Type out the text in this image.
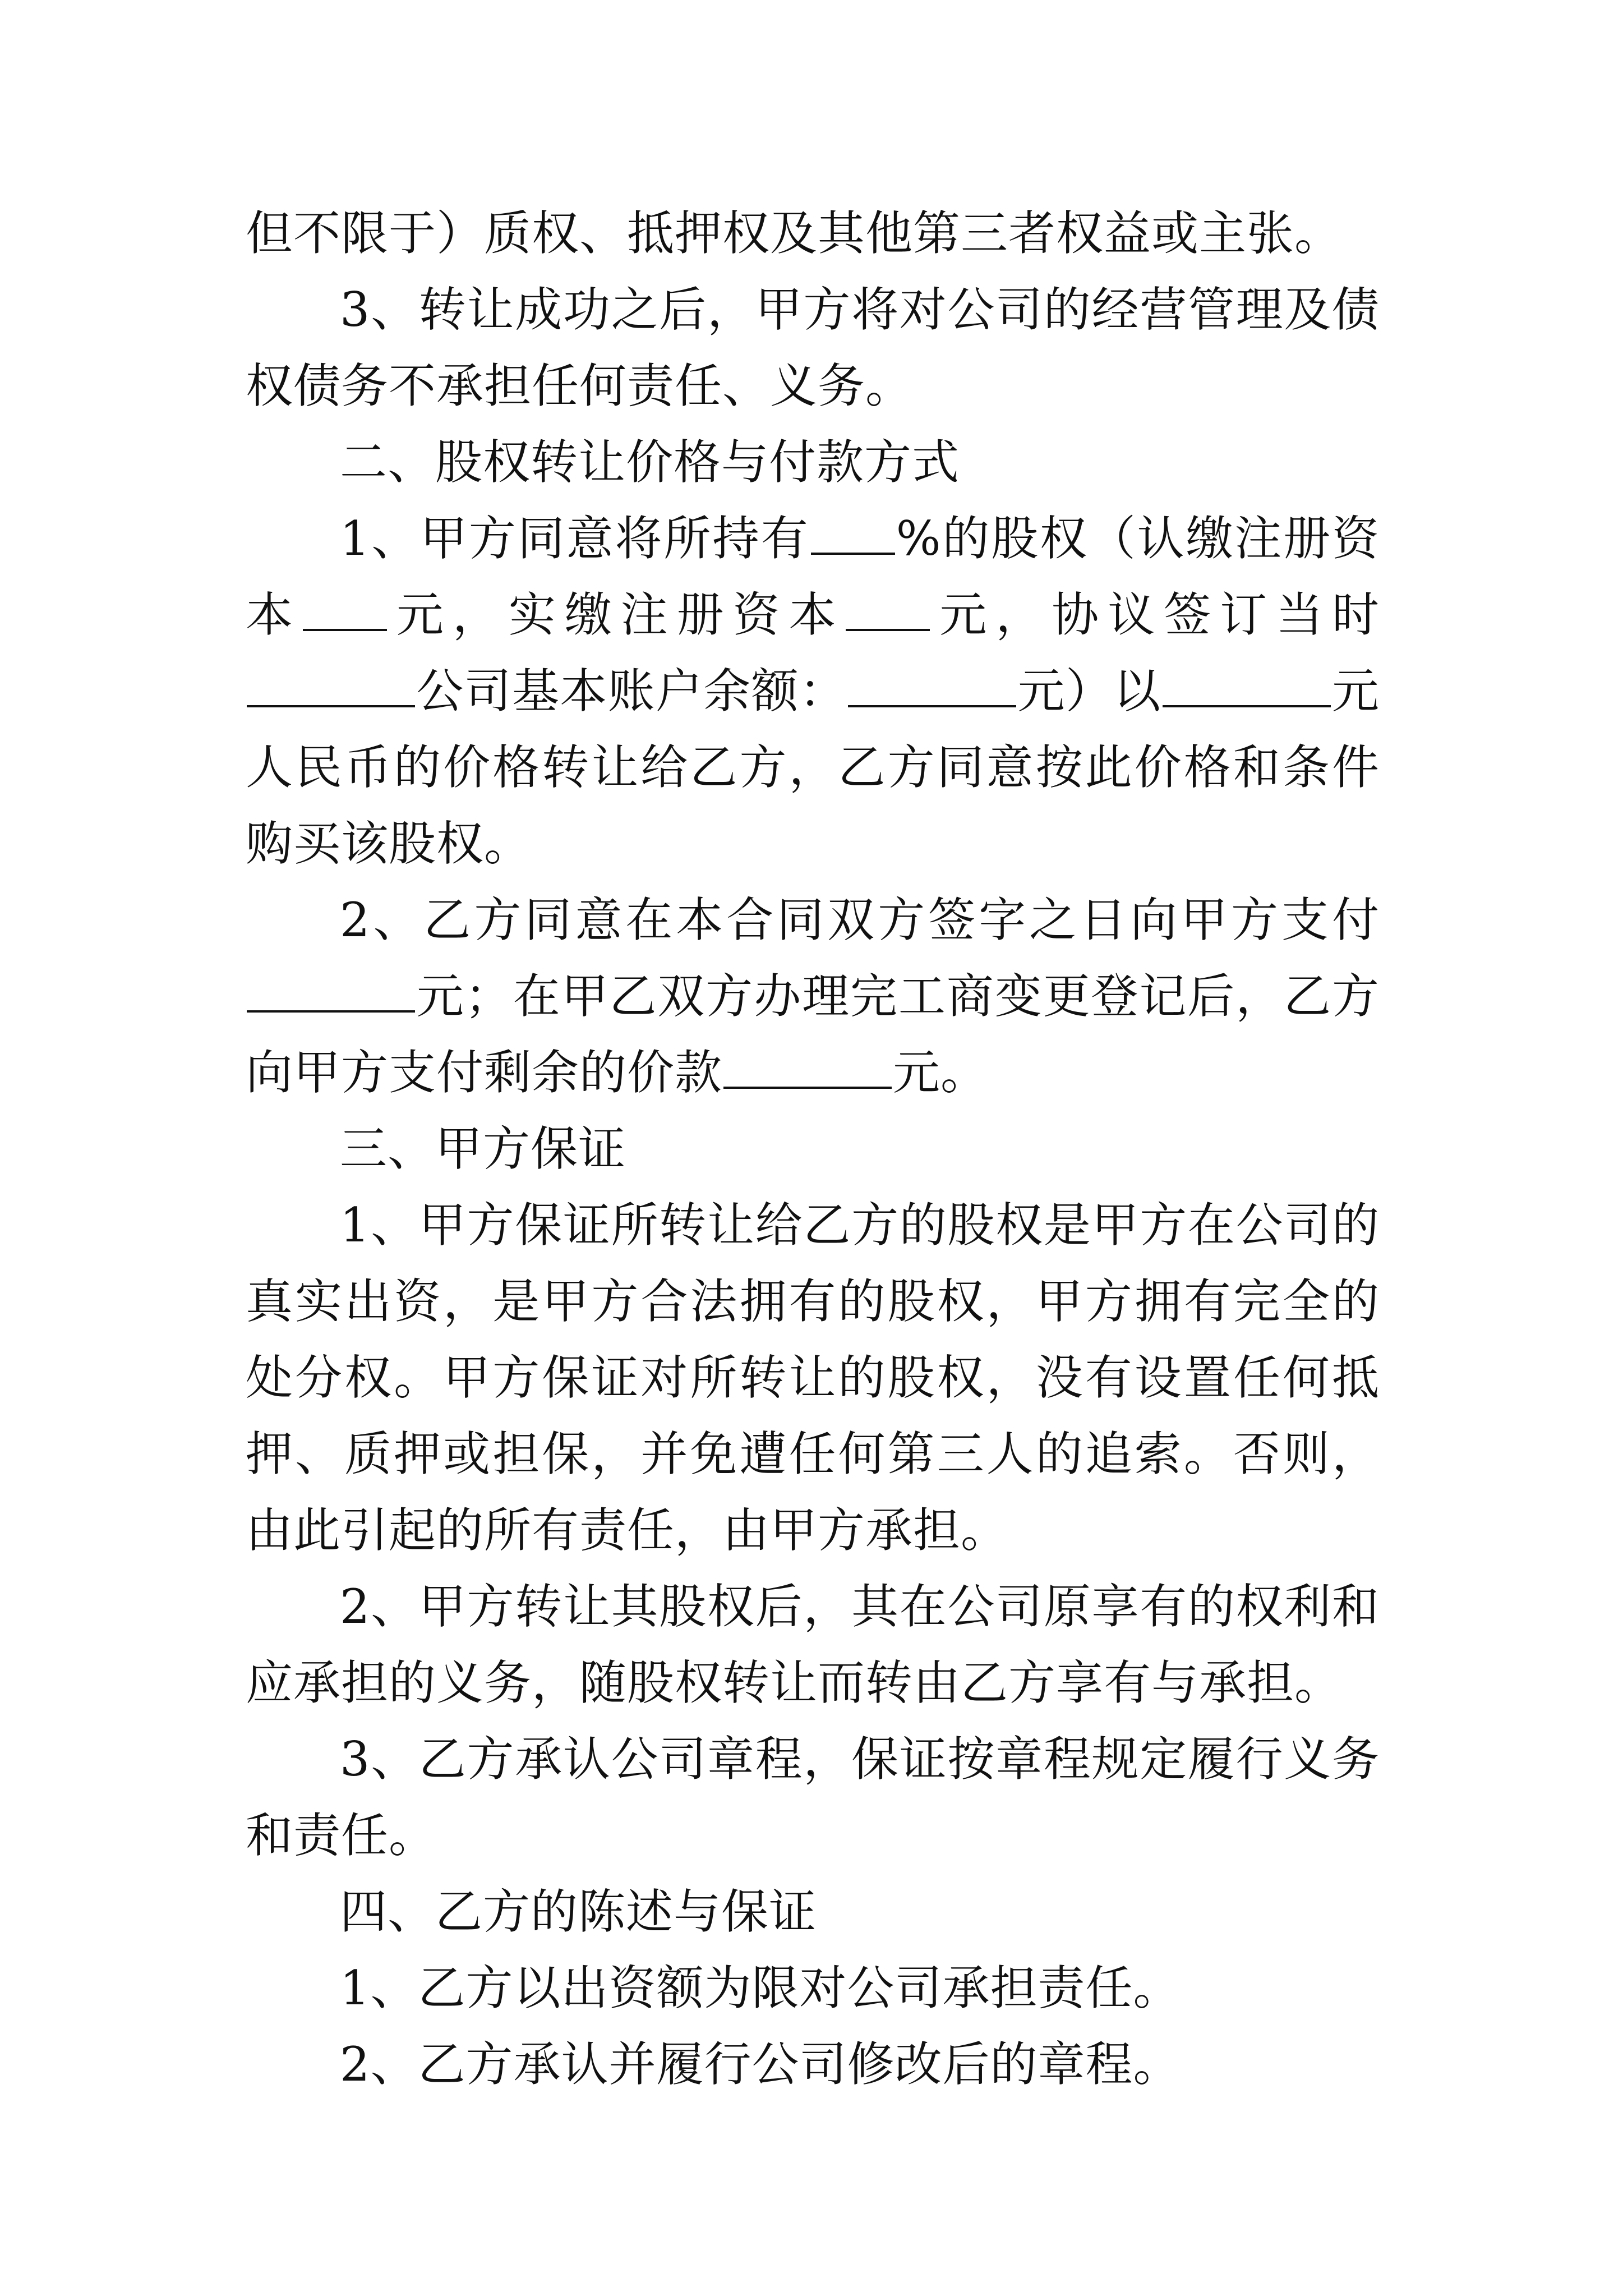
但不限于）质权、抵押权及其他第三者权益或主张。

3、转让成功之后，甲方将对公司的经营管理及债权债务不承担任何责任、义务。

二、股权转让价格与付款方式

1、甲方同意将所持有 %的股权（认缴注册资本 元，实缴注册资本 元，协议签订当时公司基本账户余额：	元）以	元人民币的价格转让给乙方，乙方同意按此价格和条件购买该股权。

2、乙方同意在本合同双方签字之日向甲方支付元；在甲乙双方办理完工商变更登记后，乙方向甲方支付剩余的价款	元。

三、甲方保证

1、甲方保证所转让给乙方的股权是甲方在公司的真实出资，是甲方合法拥有的股权，甲方拥有完全的处分权。甲方保证对所转让的股权，没有设置任何抵押、质押或担保，并免遭任何第三人的追索。否则，由此引起的所有责任，由甲方承担。

2、甲方转让其股权后，其在公司原享有的权利和应承担的义务，随股权转让而转由乙方享有与承担。

3、乙方承认公司章程，保证按章程规定履行义务和责任。

四、乙方的陈述与保证

1、乙方以出资额为限对公司承担责任。

2、乙方承认并履行公司修改后的章程。
